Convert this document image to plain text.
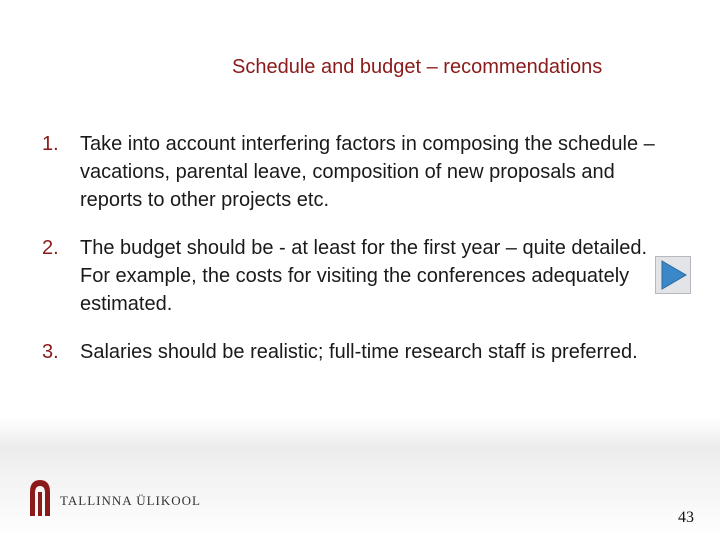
Schedule and budget – recommendations
1. Take into account interfering factors in composing the schedule – vacations, parental leave, composition of new proposals and reports to other projects etc.
2. The budget should be - at least for the first year – quite detailed. For example, the costs for visiting the conferences adequately estimated.
3. Salaries should be realistic; full-time research staff is preferred.
TALLINNA ÜLIKOOL
43
